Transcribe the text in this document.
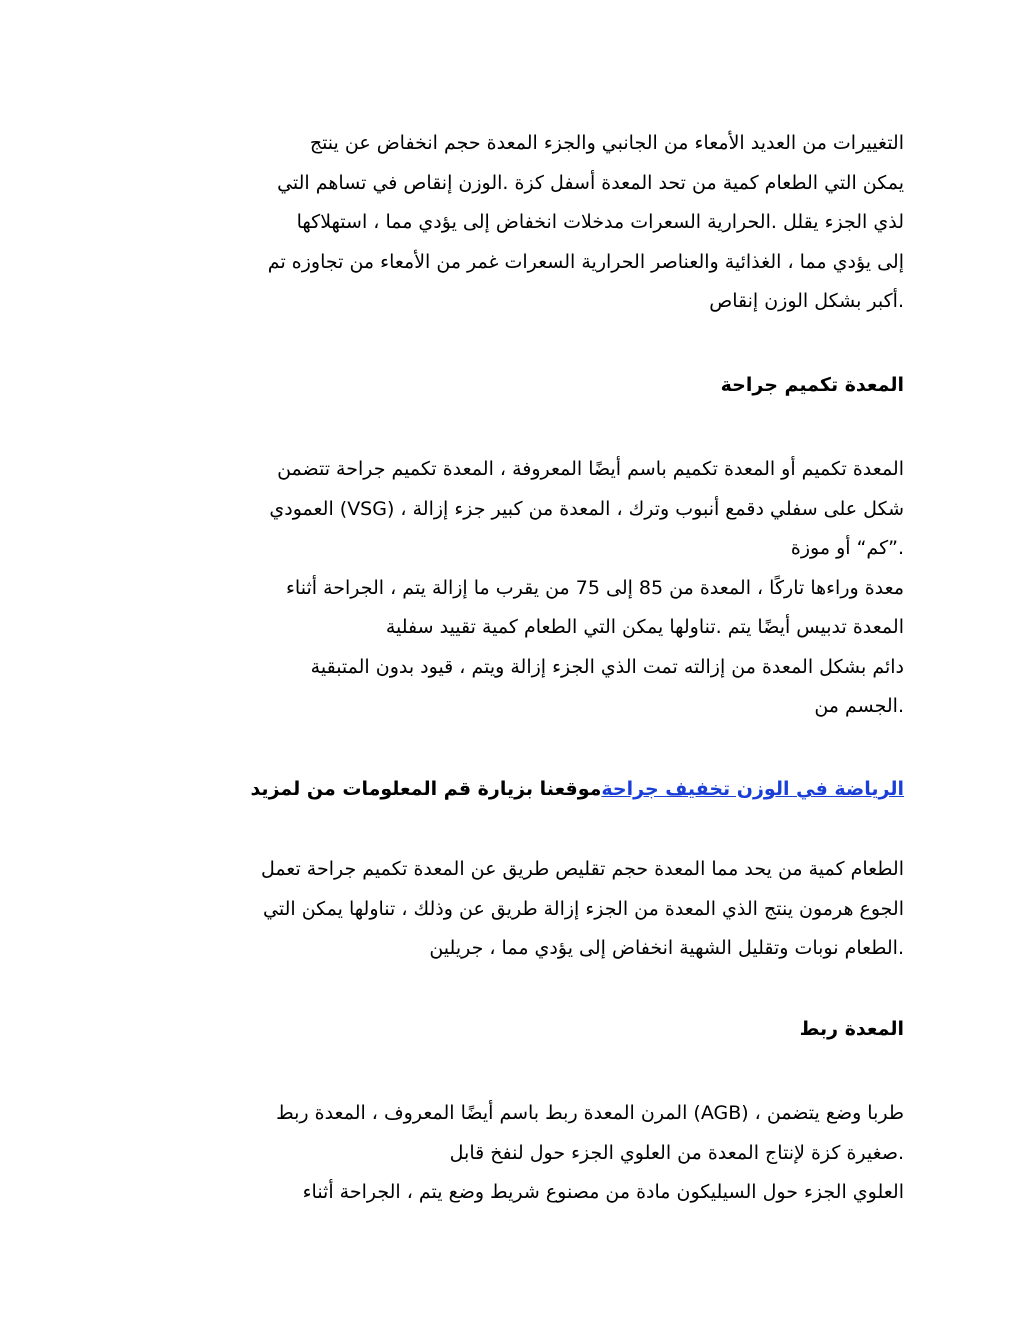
التغييرات من العديد الأمعاء من الجانبي والجزء المعدة حجم انخفاض عن ينتج
يمكن التي الطعام كمية من تحد المعدة أسفل كزة .الوزن إنقاص في تساهم التي
لذي الجزء يقلل .الحرارية السعرات مدخلات انخفاض إلى يؤدي مما ، استهلاكها
إلى يؤدي مما ، الغذائية والعناصر الحرارية السعرات غمر من الأمعاء من تجاوزه تم
.أكبر بشكل الوزن إنقاص

المعدة تكميم جراحة

المعدة تكميم أو المعدة تكميم باسم أيضًا المعروفة ، المعدة تكميم جراحة تتضمن
شكل على سفلي دقمع أنبوب وترك ، المعدة من كبير جزء إزالة ، (VSG) العمودي
.”كم“ أو موزة
معدة وراءها تاركًا ، المعدة من 85 إلى 75 من يقرب ما إزالة يتم ، الجراحة أثناء
المعدة تدبيس أيضًا يتم .تناولها يمكن التي الطعام كمية تقييد سفلية
دائم بشكل المعدة من إزالته تمت الذي الجزء إزالة ويتم ، قيود بدون المتبقية
.الجسم من

الرياضة في الوزن تخفيف جراحةموقعنا بزيارة قم المعلومات من لمزيد

الطعام كمية من يحد مما المعدة حجم تقليص طريق عن المعدة تكميم جراحة تعمل
الجوع هرمون ينتج الذي المعدة من الجزء إزالة طريق عن وذلك ، تناولها يمكن التي
.الطعام نوبات وتقليل الشهية انخفاض إلى يؤدي مما ، جريلين

المعدة ربط

طربا وضع يتضمن ، (AGB) المرن المعدة ربط باسم أيضًا المعروف ، المعدة ربط
.صغيرة كزة لإنتاج المعدة من العلوي الجزء حول لنفخ قابل
العلوي الجزء حول السيليكون مادة من مصنوع شريط وضع يتم ، الجراحة أثناء
